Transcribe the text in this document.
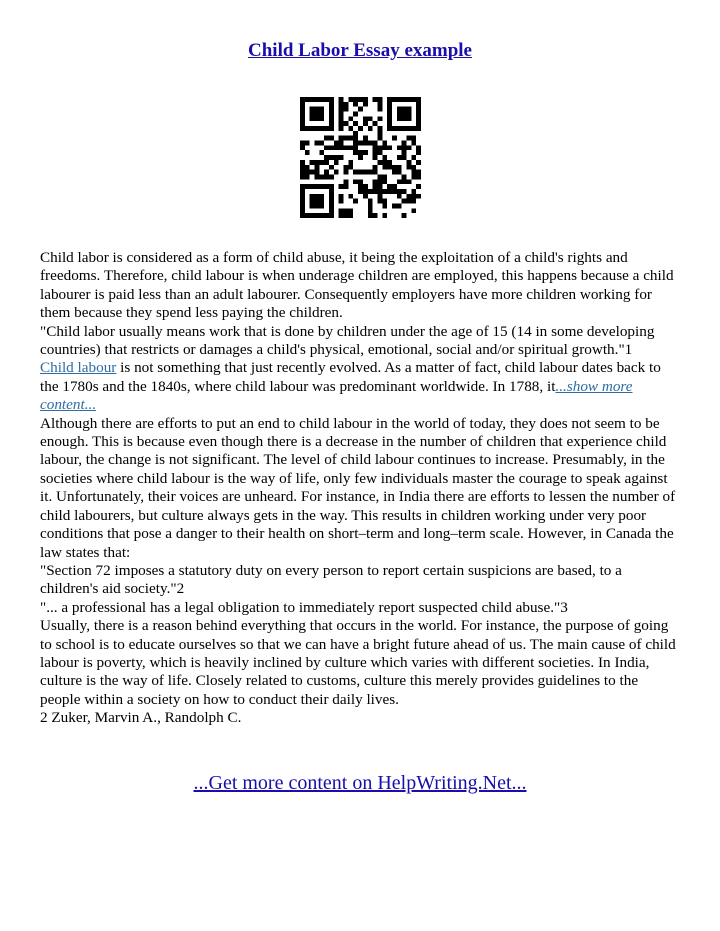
Child Labor Essay example

Child labor is considered as a form of child abuse, it being the exploitation of a child's rights and freedoms. Therefore, child labour is when underage children are employed, this happens because a child labourer is paid less than an adult labourer. Consequently employers have more children working for them because they spend less paying the children.

"Child labor usually means work that is done by children under the age of 15 (14 in some developing countries) that restricts or damages a child's physical, emotional, social and/or spiritual growth."1

Child labour is not something that just recently evolved. As a matter of fact, child labour dates back to the 1780s and the 1840s, where child labour was predominant worldwide. In 1788, it...show more content...

Although there are efforts to put an end to child labour in the world of today, they does not seem to be enough. This is because even though there is a decrease in the number of children that experience child labour, the change is not significant. The level of child labour continues to increase. Presumably, in the societies where child labour is the way of life, only few individuals master the courage to speak against it. Unfortunately, their voices are unheard. For instance, in India there are efforts to lessen the number of child labourers, but culture always gets in the way. This results in children working under very poor conditions that pose a danger to their health on short–term and long–term scale. However, in Canada the law states that:

"Section 72 imposes a statutory duty on every person to report certain suspicions are based, to a children's aid society."2

"... a professional has a legal obligation to immediately report suspected child abuse."3

Usually, there is a reason behind everything that occurs in the world. For instance, the purpose of going to school is to educate ourselves so that we can have a bright future ahead of us. The main cause of child labour is poverty, which is heavily inclined by culture which varies with different societies. In India, culture is the way of life. Closely related to customs, culture this merely provides guidelines to the people within a society on how to conduct their daily lives.

2 Zuker, Marvin A., Randolph C.

...Get more content on HelpWriting.Net...
